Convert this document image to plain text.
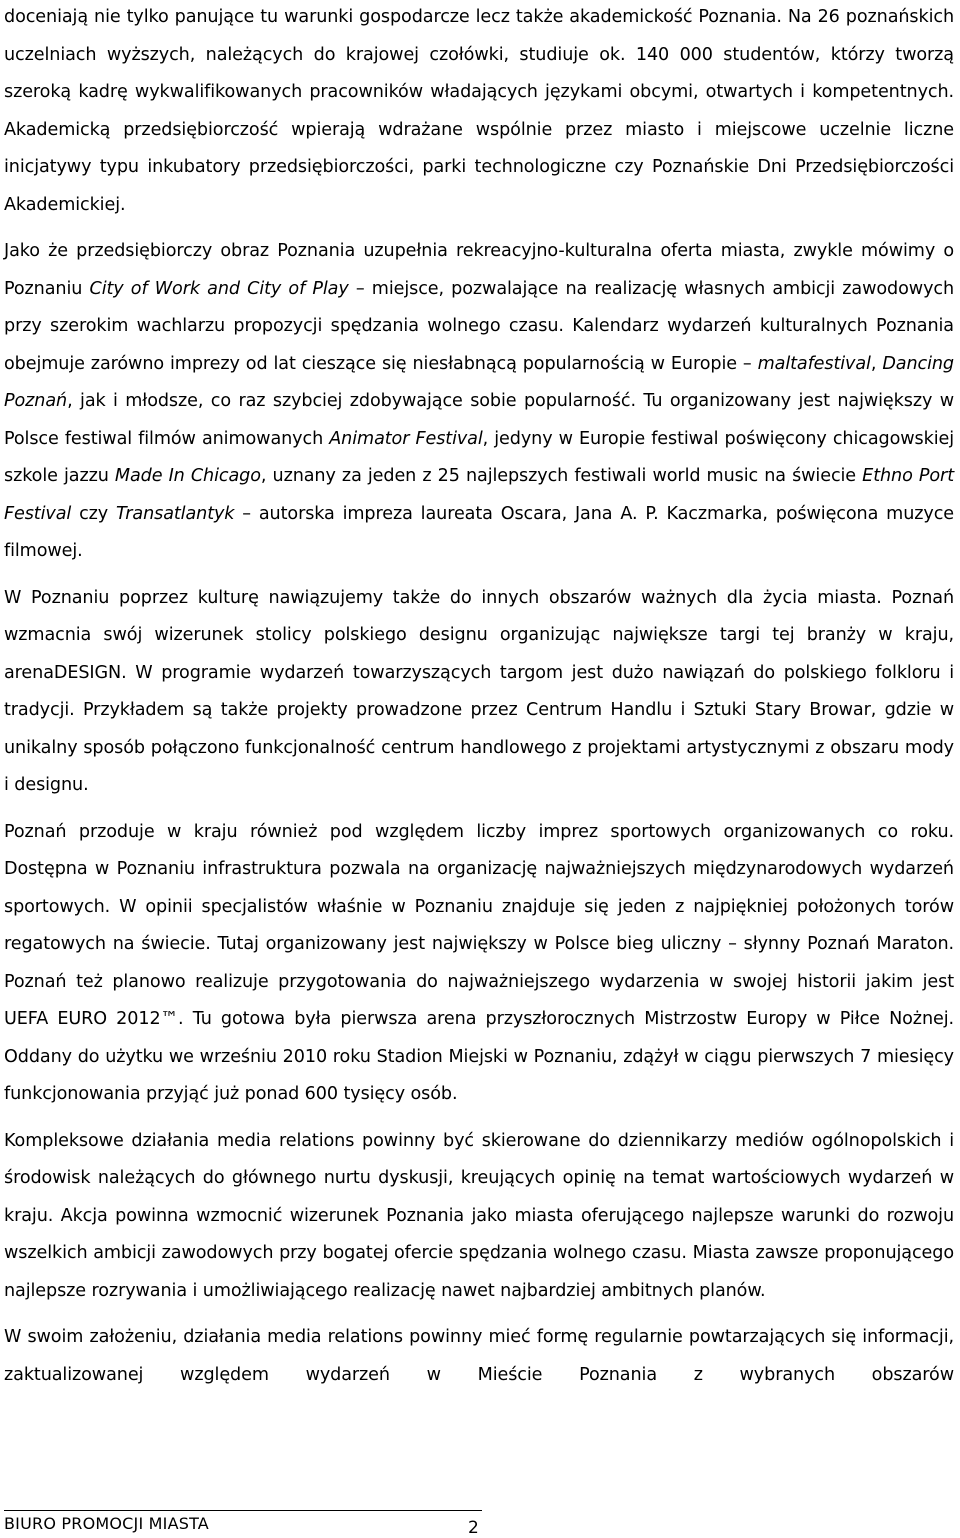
doceniają nie tylko panujące tu warunki gospodarcze lecz także akademickość Poznania. Na 26 poznańskich uczelniach wyższych, należących do krajowej czołówki, studiuje ok. 140 000 studentów, którzy tworzą szeroką kadrę wykwalifikowanych pracowników władających językami obcymi, otwartych i kompetentnych. Akademicką przedsiębiorczość wpierają wdrażane wspólnie przez miasto i miejscowe uczelnie liczne inicjatywy typu inkubatory przedsiębiorczości, parki technologiczne czy Poznańskie Dni Przedsiębiorczości Akademickiej.

Jako że przedsiębiorczy obraz Poznania uzupełnia rekreacyjno-kulturalna oferta miasta, zwykle mówimy o Poznaniu City of Work and City of Play – miejsce, pozwalające na realizację własnych ambicji zawodowych przy szerokim wachlarzu propozycji spędzania wolnego czasu. Kalendarz wydarzeń kulturalnych Poznania obejmuje zarówno imprezy od lat cieszące się niesłabnącą popularnością w Europie – maltafestival, Dancing Poznań, jak i młodsze, co raz szybciej zdobywające sobie popularność. Tu organizowany jest największy w Polsce festiwal filmów animowanych Animator Festival, jedyny w Europie festiwal poświęcony chicagowskiej szkole jazzu Made In Chicago, uznany za jeden z 25 najlepszych festiwali world music na świecie Ethno Port Festival czy Transatlantyk – autorska impreza laureata Oscara, Jana A. P. Kaczmarka, poświęcona muzyce filmowej.

W Poznaniu poprzez kulturę nawiązujemy także do innych obszarów ważnych dla życia miasta. Poznań wzmacnia swój wizerunek stolicy polskiego designu organizując największe targi tej branży w kraju, arenaDESIGN. W programie wydarzeń towarzyszących targom jest dużo nawiązań do polskiego folkloru i tradycji. Przykładem są także projekty prowadzone przez Centrum Handlu i Sztuki Stary Browar, gdzie w unikalny sposób połączono funkcjonalność centrum handlowego z projektami artystycznymi z obszaru mody i designu.

Poznań przoduje w kraju również pod względem liczby imprez sportowych organizowanych co roku. Dostępna w Poznaniu infrastruktura pozwala na organizację najważniejszych międzynarodowych wydarzeń sportowych. W opinii specjalistów właśnie w Poznaniu znajduje się jeden z najpiękniej położonych torów regatowych na świecie. Tutaj organizowany jest największy w Polsce bieg uliczny – słynny Poznań Maraton. Poznań też planowo realizuje przygotowania do najważniejszego wydarzenia w swojej historii jakim jest UEFA EURO 2012™. Tu gotowa była pierwsza arena przyszłorocznych Mistrzostw Europy w Piłce Nożnej. Oddany do użytku we wrześniu 2010 roku Stadion Miejski w Poznaniu, zdążył w ciągu pierwszych 7 miesięcy funkcjonowania przyjąć już ponad 600 tysięcy osób.

Kompleksowe działania media relations powinny być skierowane do dziennikarzy mediów ogólnopolskich i środowisk należących do głównego nurtu dyskusji, kreujących opinię na temat wartościowych wydarzeń w kraju. Akcja powinna wzmocnić wizerunek Poznania jako miasta oferującego najlepsze warunki do rozwoju wszelkich ambicji zawodowych przy bogatej ofercie spędzania wolnego czasu. Miasta zawsze proponującego najlepsze rozrywania i umożliwiającego realizację nawet najbardziej ambitnych planów.

W swoim założeniu, działania media relations powinny mieć formę regularnie powtarzających się informacji, zaktualizowanej względem wydarzeń w Mieście Poznania z wybranych obszarów

BIURO PROMOCJI MIASTA	2
